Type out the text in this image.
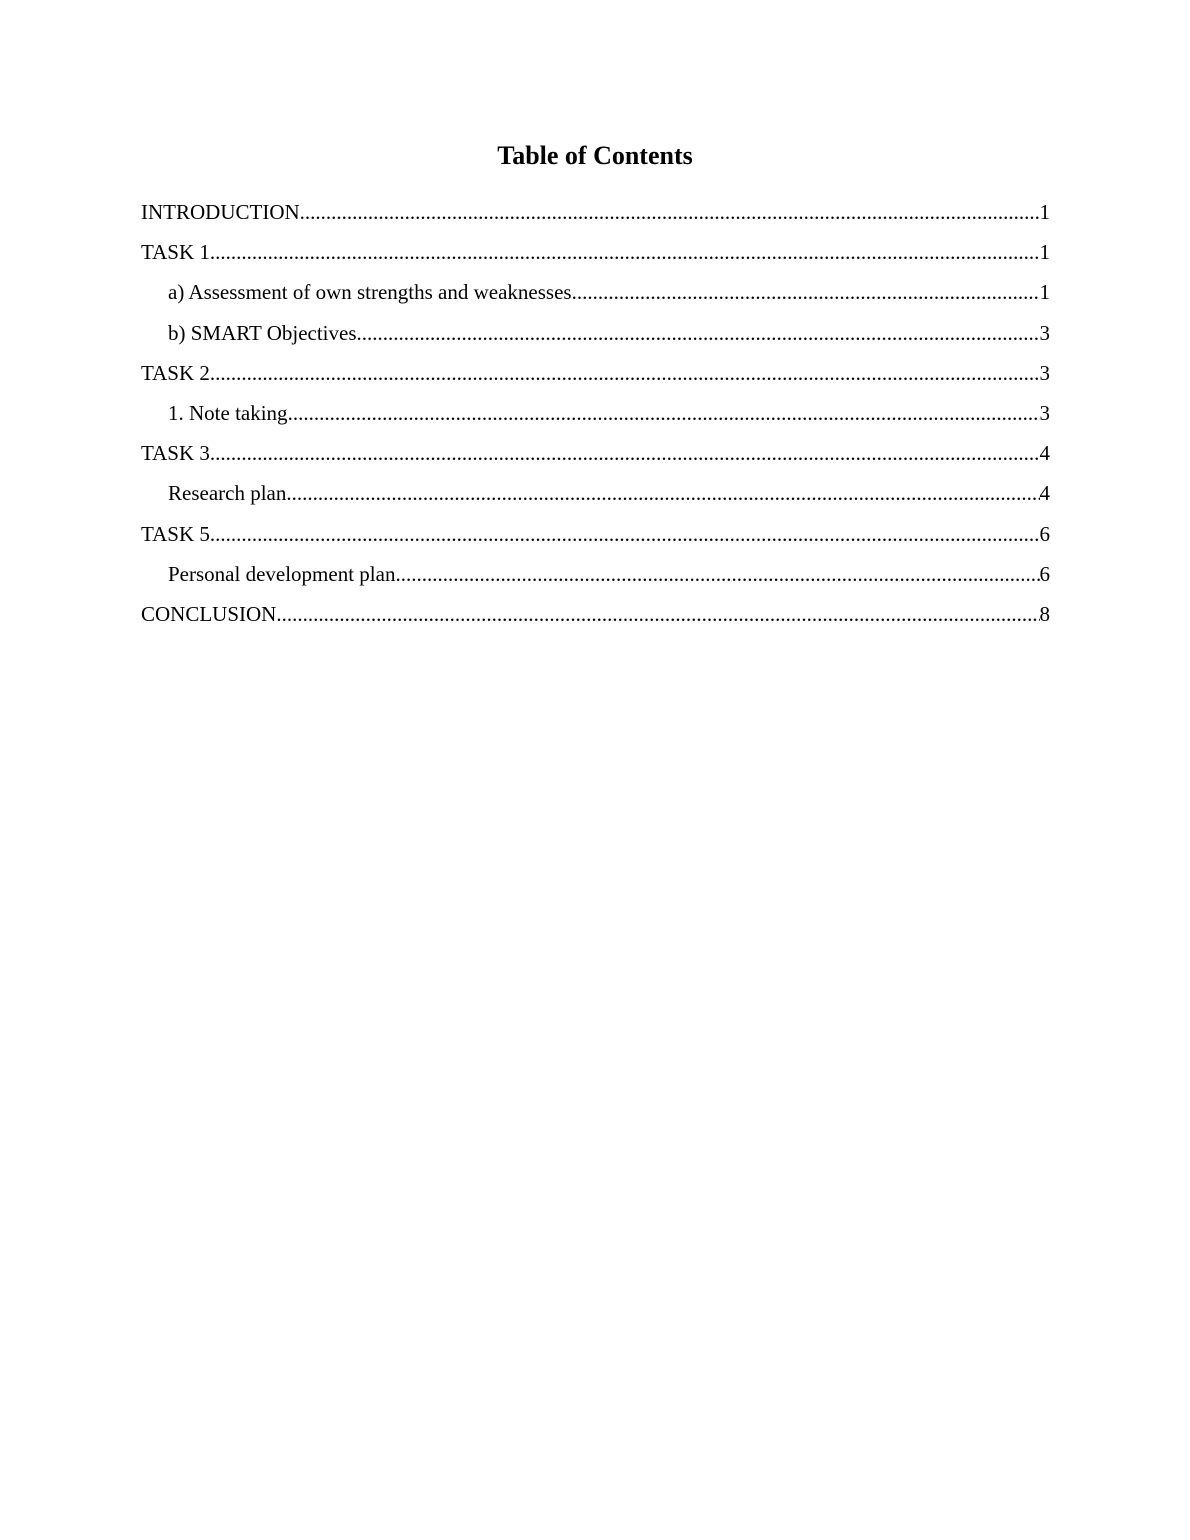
Table of Contents
INTRODUCTION .....	1
TASK 1 .....	1
a) Assessment of own strengths and weaknesses .....	1
b) SMART Objectives .....	3
TASK 2 .....	3
1. Note taking .....	3
TASK 3 .....	4
Research plan .....	4
TASK 5 .....	6
Personal development plan .....	6
CONCLUSION .....	8
